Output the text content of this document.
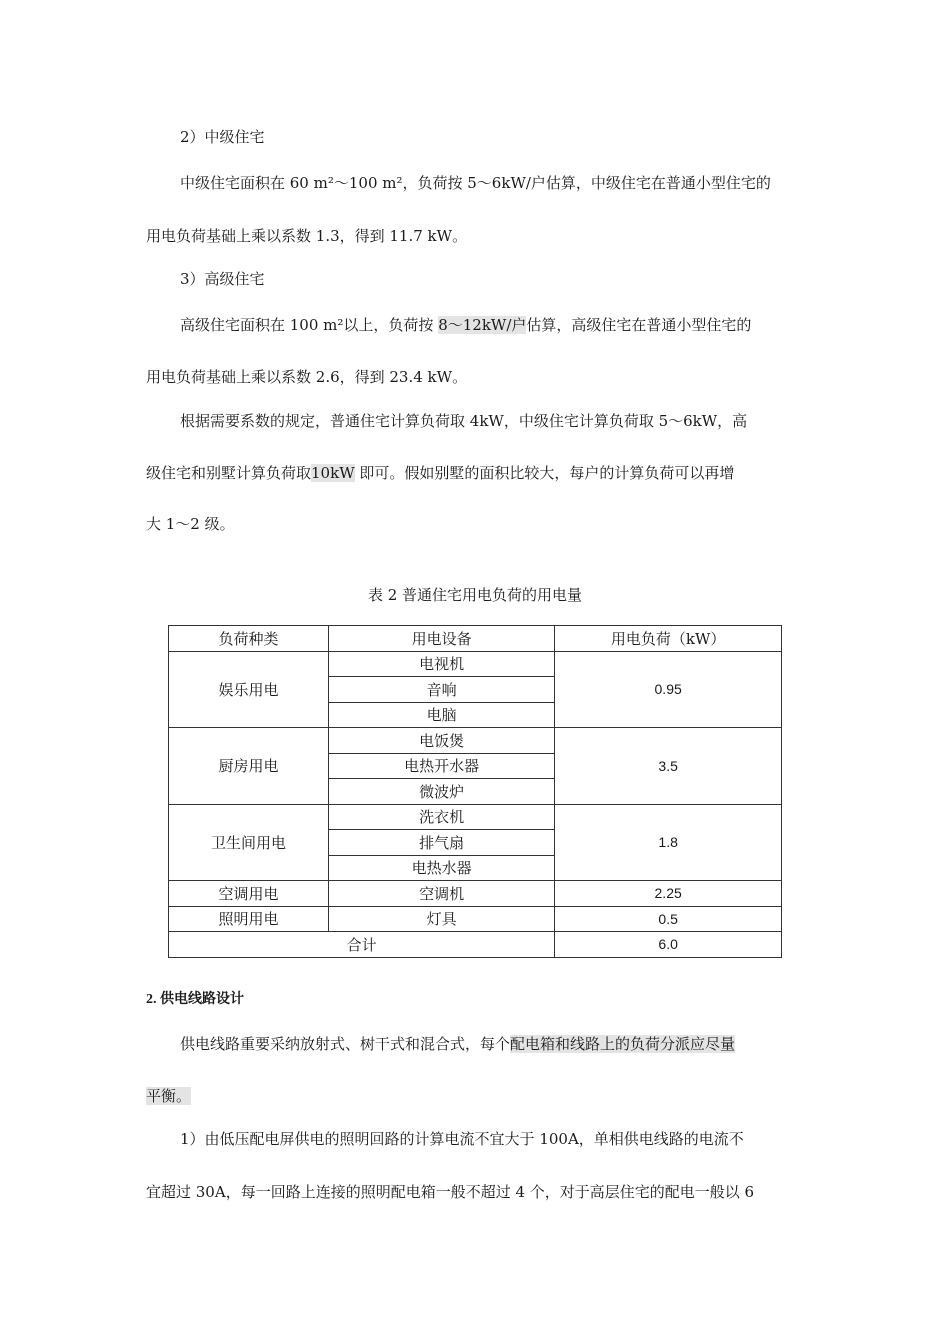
2）中级住宅
中级住宅面积在 60 m²～100 m²，负荷按 5～6kW/户估算，中级住宅在普通小型住宅的
用电负荷基础上乘以系数 1.3，得到 11.7 kW。
3）高级住宅
高级住宅面积在 100 m²以上，负荷按 8～12kW/户估算，高级住宅在普通小型住宅的
用电负荷基础上乘以系数 2.6，得到 23.4 kW。
根据需要系数的规定，普通住宅计算负荷取 4kW，中级住宅计算负荷取 5～6kW，高
级住宅和别墅计算负荷取10kW 即可。假如别墅的面积比较大，每户的计算负荷可以再增
大 1～2 级。
表 2 普通住宅用电负荷的用电量
负荷种类	用电设备	用电负荷（kW）
娱乐用电	电视机	0.95
	音响	
	电脑	
厨房用电	电饭煲	3.5
	电热开水器	
	微波炉	
卫生间用电	洗衣机	1.8
	排气扇	
	电热水器	
空调用电	空调机	2.25
照明用电	灯具	0.5
合计		6.0
2. 供电线路设计
供电线路重要采纳放射式、树干式和混合式，每个配电箱和线路上的负荷分派应尽量
平衡。
1）由低压配电屏供电的照明回路的计算电流不宜大于 100A，单相供电线路的电流不
宜超过 30A，每一回路上连接的照明配电箱一般不超过 4 个，对于高层住宅的配电一般以 6
